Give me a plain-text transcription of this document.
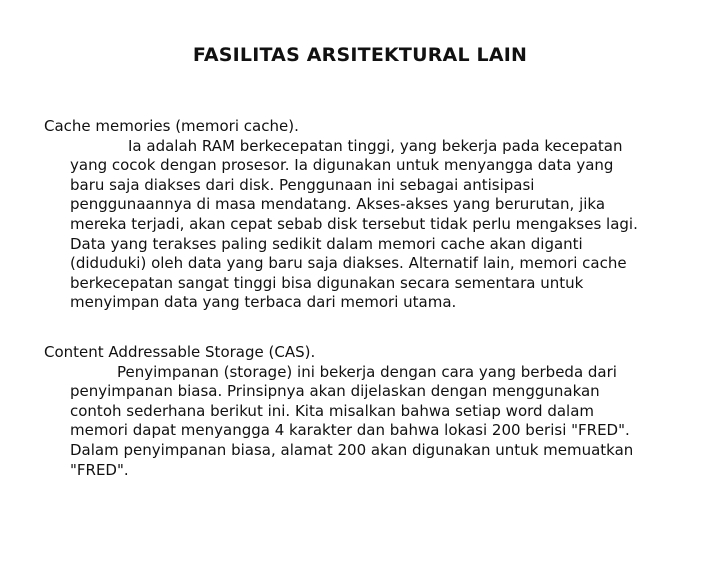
FASILITAS ARSITEKTURAL LAIN
Cache memories (memori cache).
Ia adalah RAM berkecepatan tinggi, yang bekerja pada kecepatan
yang cocok dengan prosesor. Ia digunakan untuk menyangga data yang
baru saja diakses dari disk. Penggunaan ini sebagai antisipasi
penggunaannya di masa mendatang. Akses-akses yang berurutan, jika
mereka terjadi, akan cepat sebab disk tersebut tidak perlu mengakses lagi.
Data yang terakses paling sedikit dalam memori cache akan diganti
(diduduki) oleh data yang baru saja diakses. Alternatif lain, memori cache
berkecepatan sangat tinggi bisa digunakan secara sementara untuk
menyimpan data yang terbaca dari memori utama.
Content Addressable Storage (CAS).
Penyimpanan (storage) ini bekerja dengan cara yang berbeda dari
penyimpanan biasa. Prinsipnya akan dijelaskan dengan menggunakan
contoh sederhana berikut ini. Kita misalkan bahwa setiap word dalam
memori dapat menyangga 4 karakter dan bahwa lokasi 200 berisi "FRED".
Dalam penyimpanan biasa, alamat 200 akan digunakan untuk memuatkan
"FRED".
